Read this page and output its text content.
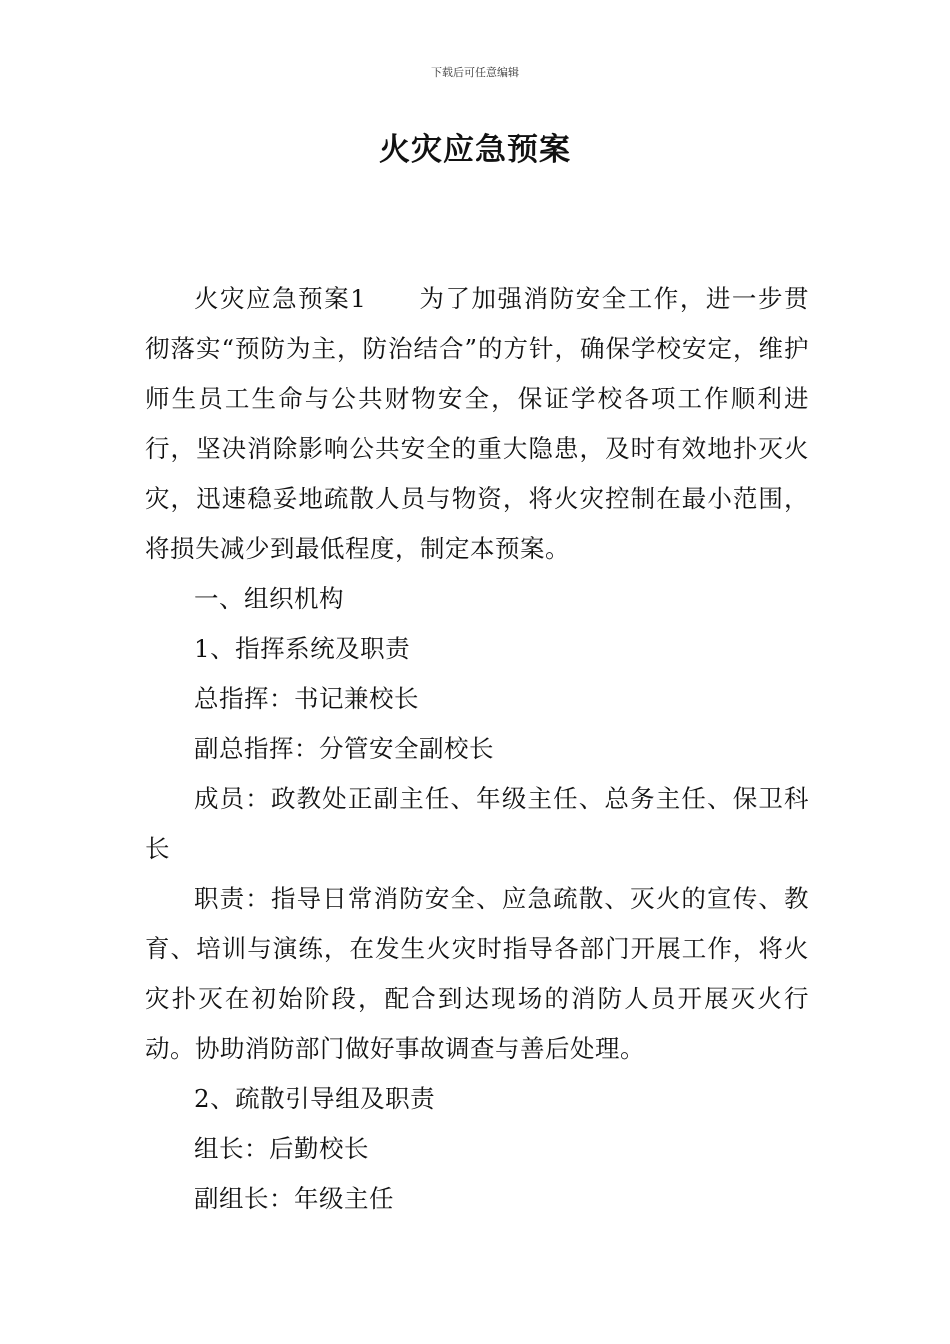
下载后可任意编辑
火灾应急预案

火灾应急预案1 为了加强消防安全工作，进一步贯彻落实“预防为主，防治结合”的方针，确保学校安定，维护师生员工生命与公共财物安全，保证学校各项工作顺利进行，坚决消除影响公共安全的重大隐患，及时有效地扑灭火灾，迅速稳妥地疏散人员与物资，将火灾控制在最小范围，将损失减少到最低程度，制定本预案。

一、组织机构

1、指挥系统及职责

总指挥：书记兼校长

副总指挥：分管安全副校长

成员：政教处正副主任、年级主任、总务主任、保卫科长

职责：指导日常消防安全、应急疏散、灭火的宣传、教育、培训与演练，在发生火灾时指导各部门开展工作，将火灾扑灭在初始阶段，配合到达现场的消防人员开展灭火行动。协助消防部门做好事故调查与善后处理。

2、疏散引导组及职责

组长：后勤校长

副组长：年级主任
